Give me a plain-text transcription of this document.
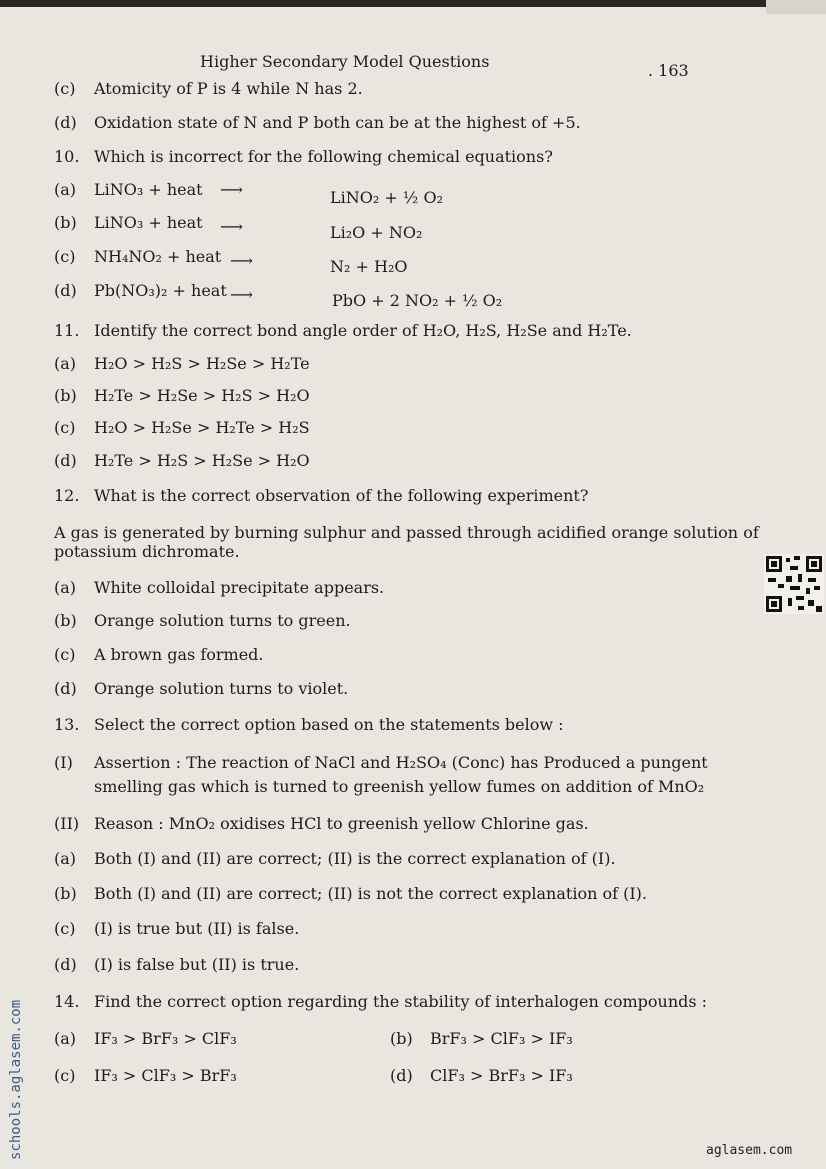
Higher Secondary Model Questions	. 163
(c) Atomicity of P is 4 while N has 2.
(d) Oxidation state of N and P both can be at the highest of +5.
10. Which is incorrect for the following chemical equations?
(a) LiNO₃ + heat ⟶	LiNO₂ + ½ O₂
(b) LiNO₃ + heat ⟶	Li₂O + NO₂
(c) NH₄NO₂ + heat ⟶	N₂ + H₂O
(d) Pb(NO₃)₂ + heat ⟶	PbO + 2 NO₂ + ½ O₂
11. Identify the correct bond angle order of H₂O, H₂S, H₂Se and H₂Te.
(a) H₂O > H₂S > H₂Se > H₂Te
(b) H₂Te > H₂Se > H₂S > H₂O
(c) H₂O > H₂Se > H₂Te > H₂S
(d) H₂Te > H₂S > H₂Se > H₂O
12. What is the correct observation of the following experiment?
A gas is generated by burning sulphur and passed through acidified orange solution of
potassium dichromate.
(a) White colloidal precipitate appears.
(b) Orange solution turns to green.
(c) A brown gas formed.
(d) Orange solution turns to violet.
13. Select the correct option based on the statements below :
(I) Assertion : The reaction of NaCl and H₂SO₄ (Conc) has Produced a pungent
smelling gas which is turned to greenish yellow fumes on addition of MnO₂
(II) Reason : MnO₂ oxidises HCl to greenish yellow Chlorine gas.
(a) Both (I) and (II) are correct; (II) is the correct explanation of (I).
(b) Both (I) and (II) are correct; (II) is not the correct explanation of (I).
(c) (I) is true but (II) is false.
(d) (I) is false but (II) is true.
14. Find the correct option regarding the stability of interhalogen compounds :
(a) IF₃ > BrF₃ > ClF₃	(b) BrF₃ > ClF₃ > IF₃
(c) IF₃ > ClF₃ > BrF₃	(d) ClF₃ > BrF₃ > IF₃
schools.aglasem.com	aglasem.com
